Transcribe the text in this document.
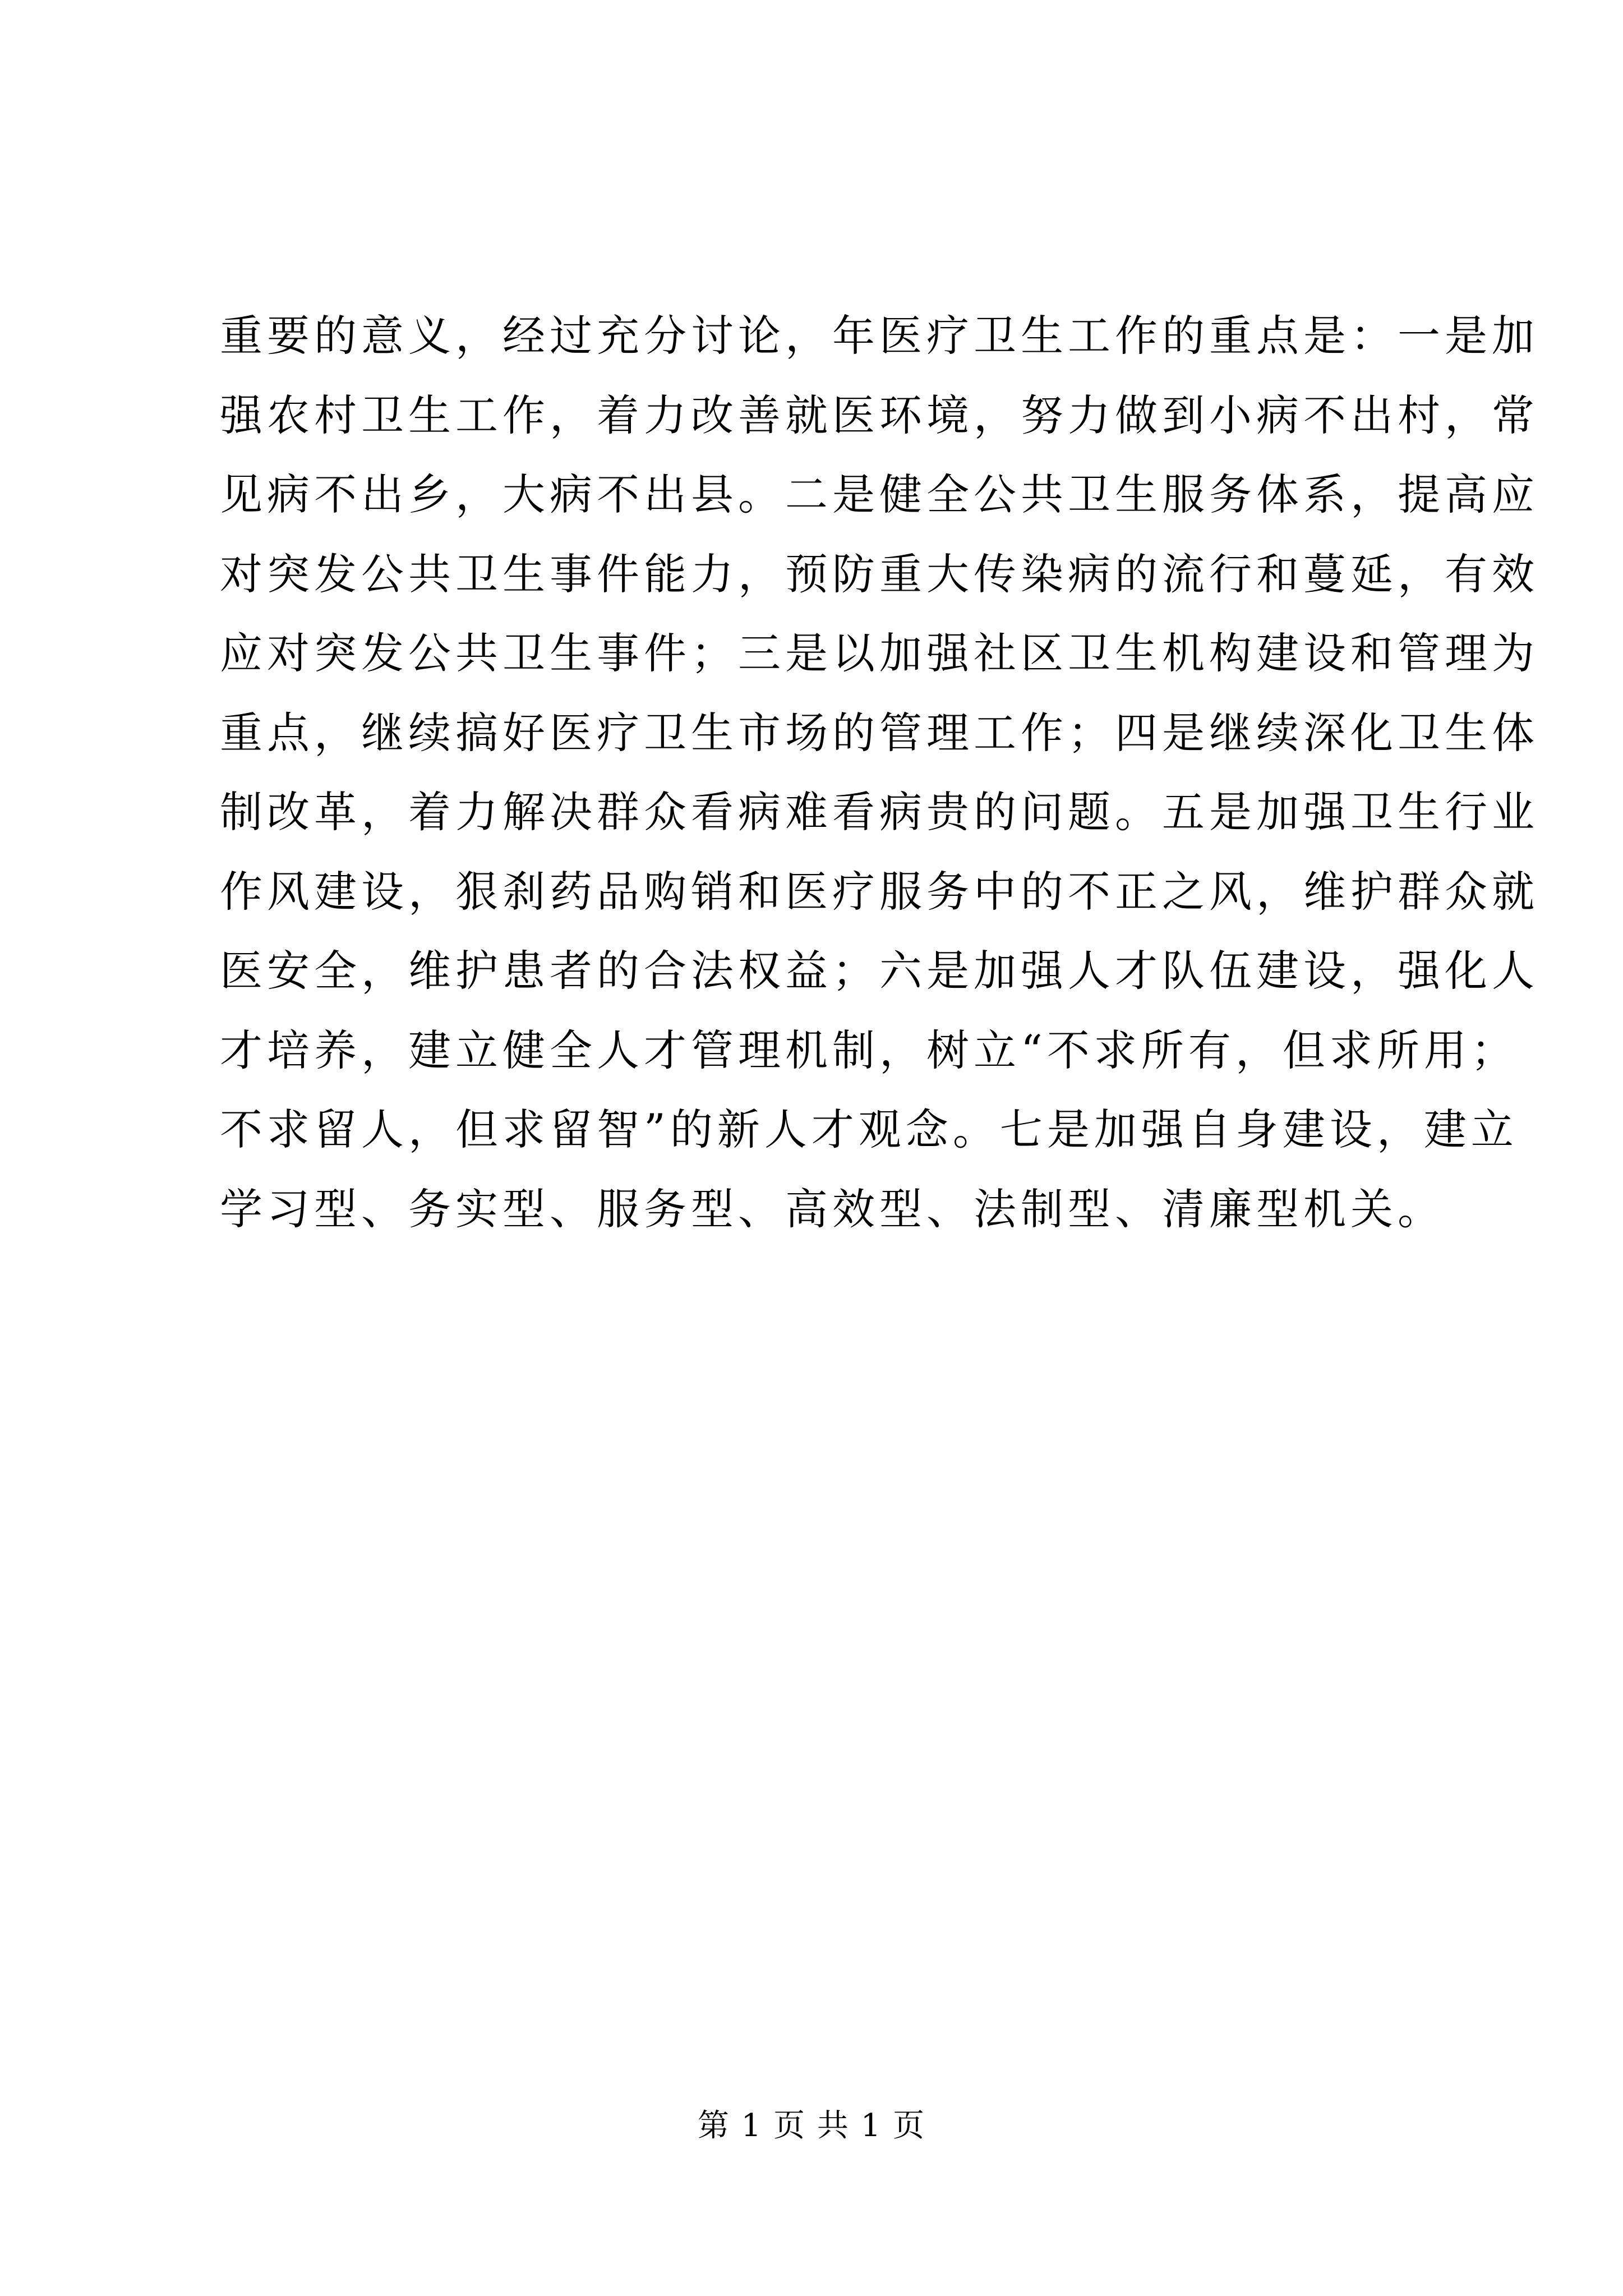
重要的意义，经过充分讨论，年医疗卫生工作的重点是：一是加
强农村卫生工作，着力改善就医环境，努力做到小病不出村，常
见病不出乡，大病不出县。二是健全公共卫生服务体系，提高应
对突发公共卫生事件能力，预防重大传染病的流行和蔓延，有效
应对突发公共卫生事件；三是以加强社区卫生机构建设和管理为
重点，继续搞好医疗卫生市场的管理工作；四是继续深化卫生体
制改革，着力解决群众看病难看病贵的问题。五是加强卫生行业
作风建设，狠刹药品购销和医疗服务中的不正之风，维护群众就
医安全，维护患者的合法权益；六是加强人才队伍建设，强化人
才培养，建立健全人才管理机制，树立“不求所有，但求所用；
不求留人，但求留智”的新人才观念。七是加强自身建设，建立
学习型、务实型、服务型、高效型、法制型、清廉型机关。
第 1 页 共 1 页
